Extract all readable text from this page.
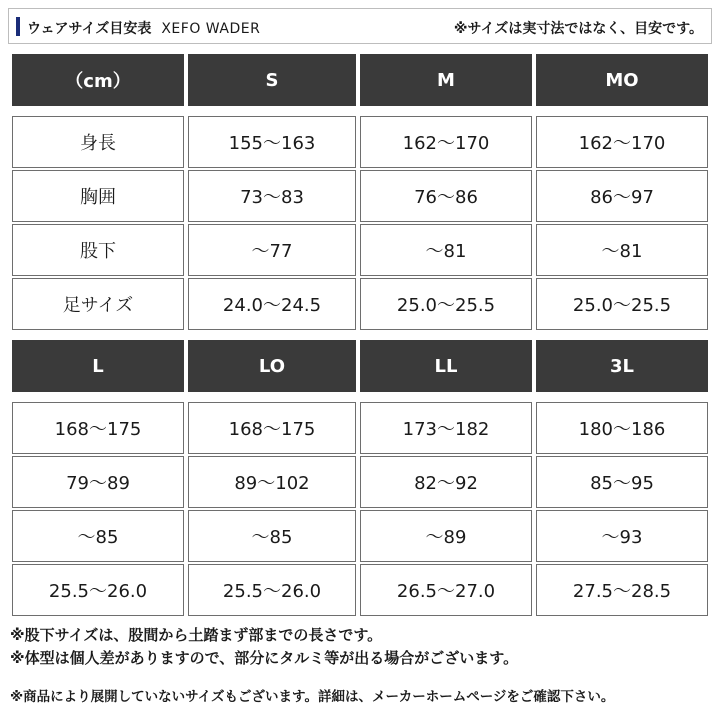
ウェアサイズ目安表 XEFO WADER	※サイズは実寸法ではなく、目安です。
（cm）	S	M	MO
身長	155〜163	162〜170	162〜170
胸囲	73〜83	76〜86	86〜97
股下	〜77	〜81	〜81
足サイズ	24.0〜24.5	25.0〜25.5	25.0〜25.5
L	LO	LL	3L
168〜175	168〜175	173〜182	180〜186
79〜89	89〜102	82〜92	85〜95
〜85	〜85	〜89	〜93
25.5〜26.0	25.5〜26.0	26.5〜27.0	27.5〜28.5
※股下サイズは、股間から土踏まず部までの長さです。
※体型は個人差がありますので、部分にタルミ等が出る場合がございます。
※商品により展開していないサイズもございます。詳細は、メーカーホームページをご確認下さい。
